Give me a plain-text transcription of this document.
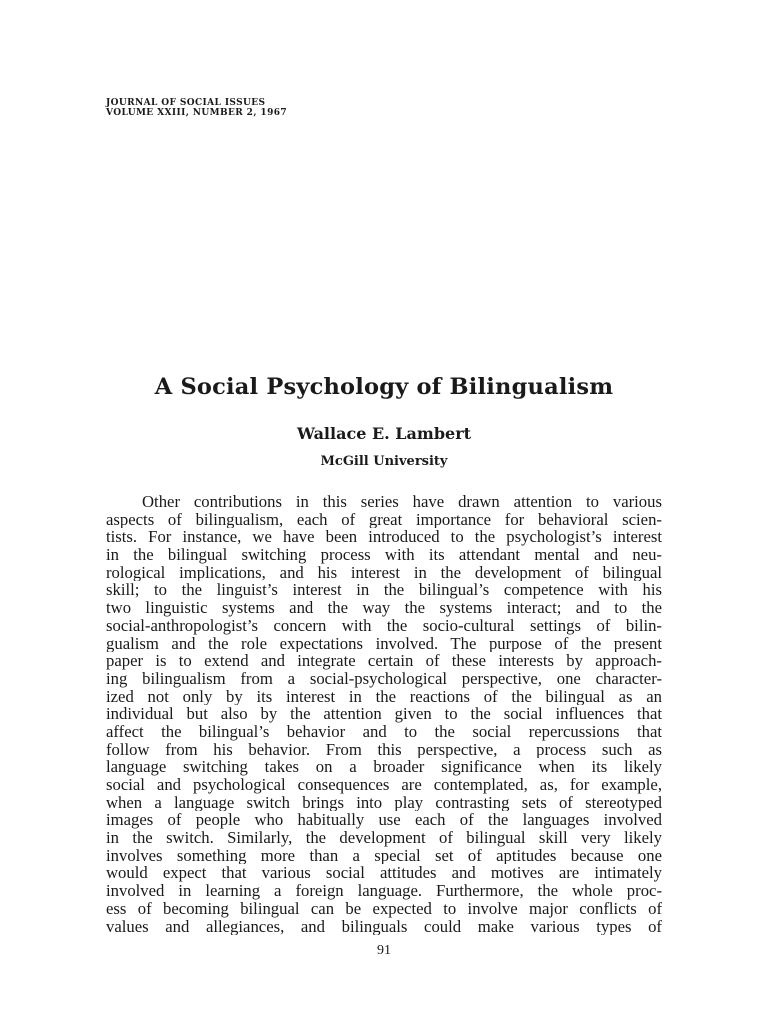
JOURNAL OF SOCIAL ISSUES
VOLUME XXIII, NUMBER 2, 1967
A Social Psychology of Bilingualism
Wallace E. Lambert
McGill University
Other contributions in this series have drawn attention to various
aspects of bilingualism, each of great importance for behavioral scien-
tists. For instance, we have been introduced to the psychologist’s interest
in the bilingual switching process with its attendant mental and neu-
rological implications, and his interest in the development of bilingual
skill; to the linguist’s interest in the bilingual’s competence with his
two linguistic systems and the way the systems interact; and to the
social-anthropologist’s concern with the socio-cultural settings of bilin-
gualism and the role expectations involved. The purpose of the present
paper is to extend and integrate certain of these interests by approach-
ing bilingualism from a social-psychological perspective, one character-
ized not only by its interest in the reactions of the bilingual as an
individual but also by the attention given to the social influences that
affect the bilingual’s behavior and to the social repercussions that
follow from his behavior. From this perspective, a process such as
language switching takes on a broader significance when its likely
social and psychological consequences are contemplated, as, for example,
when a language switch brings into play contrasting sets of stereotyped
images of people who habitually use each of the languages involved
in the switch. Similarly, the development of bilingual skill very likely
involves something more than a special set of aptitudes because one
would expect that various social attitudes and motives are intimately
involved in learning a foreign language. Furthermore, the whole proc-
ess of becoming bilingual can be expected to involve major conflicts of
values and allegiances, and bilinguals could make various types of
91
